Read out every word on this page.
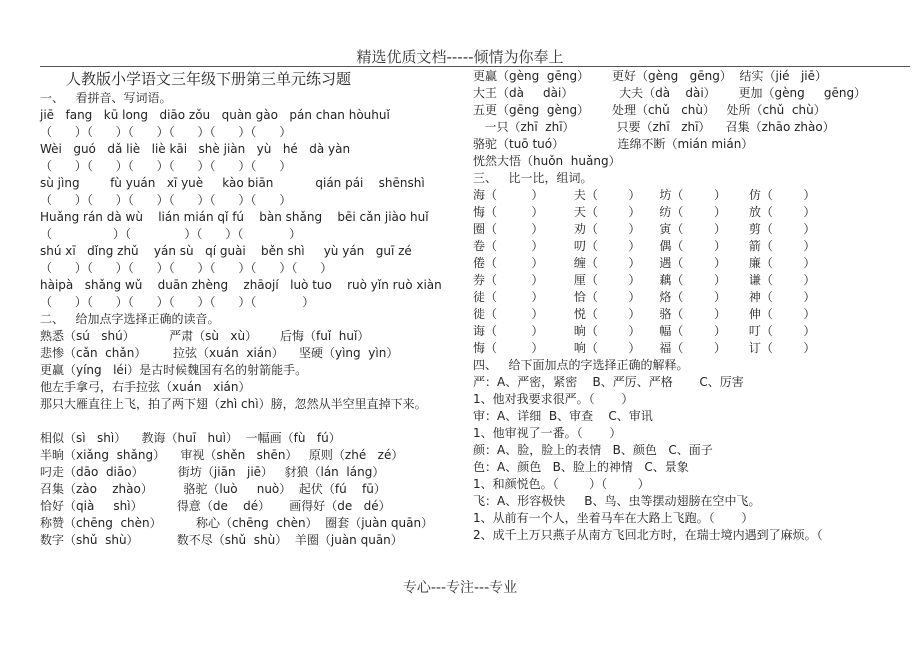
精选优质文档-----倾情为你奉上
人教版小学语文三年级下册第三单元练习题
一、   看拼音、写词语。
jiē   fang   kū long   diāo zǒu   quàn gào   pán chan hòuhuǐ
（      ）（      ）（      ）（      ）（      ）（      ）
Wèi   guó   dǎ liè   liè kāi   shè jiàn   yù   hé   dà yàn
（      ）（      ）（      ）（      ）（      ）（      ）
sù jìng        fù yuán   xī yuè     kào biān           qián pái    shēnshì
（      ）（      ）（      ）（      ）（      ）（      ）
Huǎng rán dà wù    lián mián qǐ fú    bàn shǎng    bēi cǎn jiào huǐ
（                ）（              ）（      ）（            ）
shú xī   dǐng zhǔ    yán sù   qí guài    běn shì     yù yán   guī zé
（      ）（      ）（      ）（      ）（      ）（      ）（      ）
hàipà   shǎng wǔ    duān zhèng    zhāojí   luò tuo    ruò yǐn ruò xiàn
（      ）（      ）（      ）（      ）（      ）（            ）
二、   给加点字选择正确的读音。
熟悉（sú   shú）         严肃（sù   xù）      后悔（fuǐ  huǐ）
悲惨（cǎn  chǎn）       拉弦（xuán  xián）    坚硬（yìng  yìn）
更赢（yíng   léi）是古时候魏国有名的射箭能手。
他左手拿弓，右手拉弦（xuán   xián）
那只大雁直往上飞，拍了两下翅（zhì chì）膀，忽然从半空里直掉下来。
相似（sì   shì）    教诲（huī   huì）  一幅画（fù   fú）
半晌（xiǎng  shǎng）    审视（shěn   shēn）   原则（zhé   zé）
叼走（dāo  diāo）         街坊（jiān   jiē）   豺狼（lán  láng）
召集（zào    zhào）        骆驼（luò     nuò）  起伏（fú    fū）
恰好（qià     shì）         得意（de    dé）     画得好（de   dé）
称赞（chēng  chèn）         称心（chēng  chèn）  圈套（juàn quān）
数字（shǔ  shù）          数不尽（shǔ  shù）  羊圈（juàn quān）
更赢（gèng  gēng）      更好（gèng   gēng）  结实（jié   jiē）
大王（dà     dài）            大夫（dà    dài）      更加（gèng     gēng）
五更（gēng  gèng）      处理（chǔ   chù）   处所（chǔ  chù）
一只（zhī  zhī）           只要（zhī   zhī）    召集（zhāo zhào）
骆驼（tuō tuó）              连绵不断（mián mián）
恍然大悟（huǒn  huǎng）
三、   比一比，组词。
海（         ）        夫（        ）     坊（        ）      仿（        ）
悔（         ）        天（        ）     纺（        ）      放（        ）
圈（         ）        劝（        ）     寅（        ）      剪（        ）
卷（         ）        叨（        ）     偶（        ）      箭（        ）
倦（         ）        缠（        ）     遇（        ）      廉（        ）
券（         ）        厘（        ）     藕（        ）      谦（        ）
徒（         ）        恰（        ）     烙（        ）      神（        ）
徙（         ）        悦（        ）     骆（        ）      伸（        ）
诲（         ）        晌（        ）     幅（        ）      叮（        ）
悔（         ）        响（        ）     福（        ）      订（        ）
四、   给下面加点的字选择正确的解释。
严：A、严密，紧密    B、严厉、严格       C、厉害
1、他对我要求很严。（       ）
审：A、详细  B、审查    C、审讯
1、他审视了一番。（       ）
颜：A、脸，脸上的表情   B、颜色   C、面子
色：A、颜色   B、脸上的神情   C、景象
1、和颜悦色。（        ）（        ）
飞：A、形容极快     B、鸟、虫等摆动翅膀在空中飞。
1、从前有一个人，坐着马车在大路上飞跑。（       ）
2、成千上万只燕子从南方飞回北方时，在瑞士境内遇到了麻烦。（
专心---专注---专业
